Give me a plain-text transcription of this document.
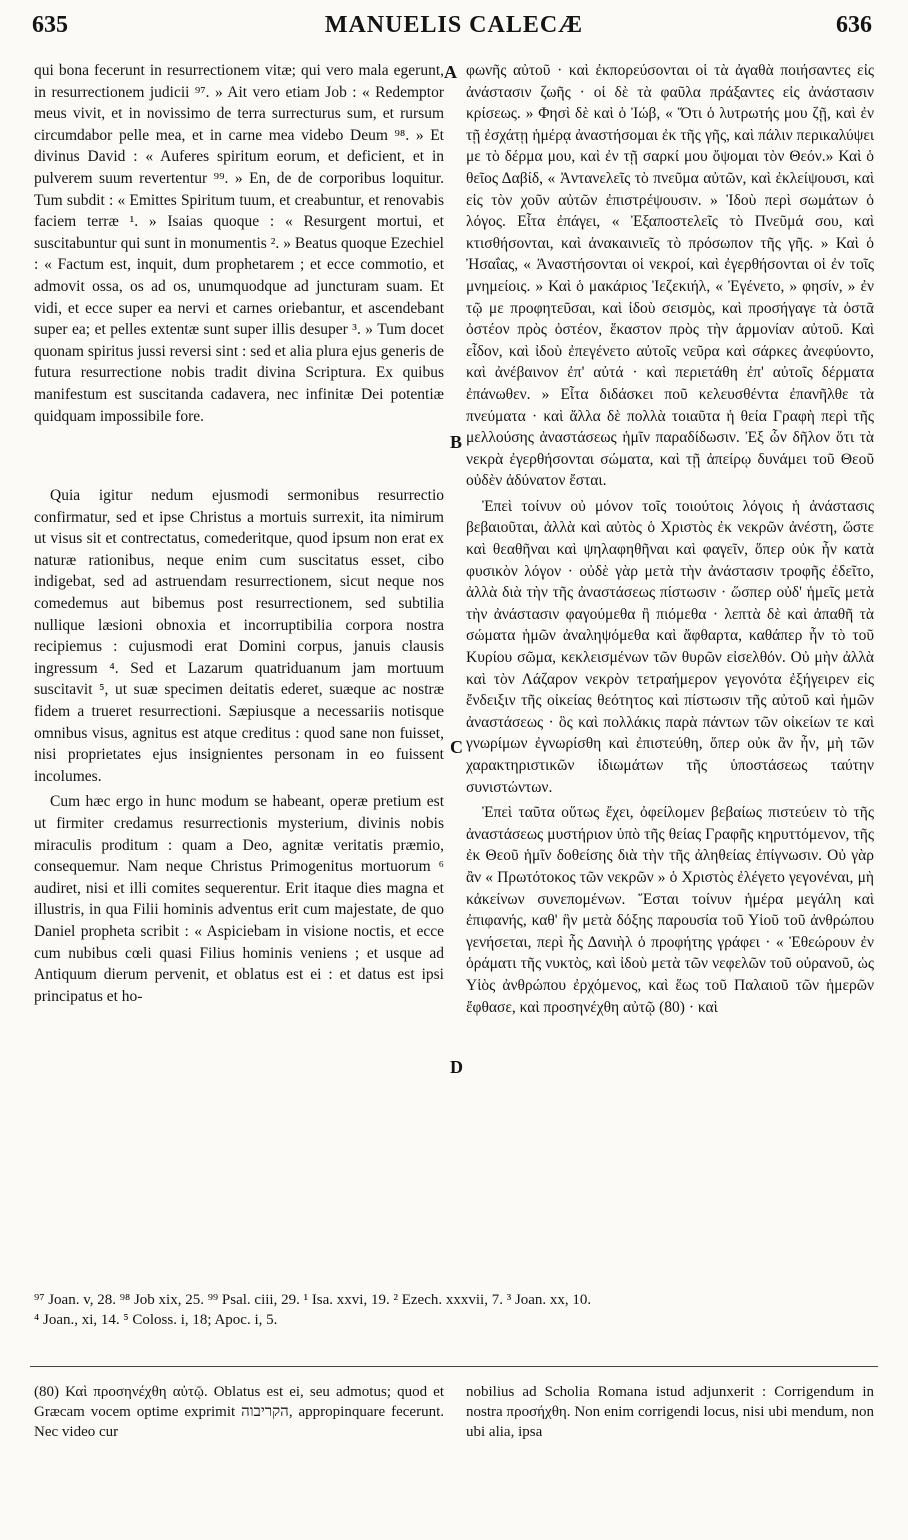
635	MANUELIS CALECÆ	636

qui bona fecerunt in resurrectionem vitæ; qui vero mala egerunt, in resurrectionem judicii ⁹⁷. » Ait vero etiam Job : « Redemptor meus vivit, et in novissimo de terra surrecturus sum, et rursum circumdabor pelle mea, et in carne mea videbo Deum ⁹⁸. » Et divinus David : « Auferes spiritum eorum, et deficient, et in pulverem suum revertentur ⁹⁹. » En, de de corporibus loquitur. Tum subdit : « Emittes Spiritum tuum, et creabuntur, et renovabis faciem terræ ¹. » Isaias quoque : « Resurgent mortui, et suscitabuntur qui sunt in monumentis ². » Beatus quoque Ezechiel : « Factum est, inquit, dum prophetarem ; et ecce commotio, et admovit ossa, os ad os, unumquodque ad juncturam suam. Et vidi, et ecce super ea nervi et carnes oriebantur, et ascendebant super ea; et pelles extentæ sunt super illis desuper ³. » Tum docet quonam spiritus jussi reversi sint : sed et alia plura ejus generis de futura resurrectione nobis tradit divina Scriptura. Ex quibus manifestum est suscitanda cadavera, nec infinitæ Dei potentiæ quidquam impossibile fore.

Quia igitur nedum ejusmodi sermonibus resurrectio confirmatur, sed et ipse Christus a mortuis surrexit, ita nimirum ut visus sit et contrectatus, comederitque, quod ipsum non erat ex naturæ rationibus, neque enim cum suscitatus esset, cibo indigebat, sed ad astruendam resurrectionem, sicut neque nos comedemus aut bibemus post resurrectionem, sed subtilia nullique læsioni obnoxia et incorruptibilia corpora nostra recipiemus : cujusmodi erat Domini corpus, januis clausis ingressum ⁴. Sed et Lazarum quatriduanum jam mortuum suscitavit ⁵, ut suæ specimen deitatis ederet, suæque ac nostræ fidem a trueret resurrectioni. Sæpiusque a necessariis notisque omnibus visus, agnitus est atque creditus : quod sane non fuisset, nisi proprietates ejus insignientes personam in eo fuissent incolumes.

Cum hæc ergo in hunc modum se habeant, operæ pretium est ut firmiter credamus resurrectionis mysterium, divinis nobis miraculis proditum : quam a Deo, agnitæ veritatis præmio, consequemur. Nam neque Christus Primogenitus mortuorum ⁶ audiret, nisi et illi comites sequerentur. Erit itaque dies magna et illustris, in qua Filii hominis adventus erit cum majestate, de quo Daniel propheta scribit : « Aspiciebam in visione noctis, et ecce cum nubibus cœli quasi Filius hominis veniens ; et usque ad Antiquum dierum pervenit, et oblatus est ei : et datus est ipsi principatus et ho-

A
B
C
D

φωνῆς αὐτοῦ · καὶ ἐκπορεύσονται οἱ τὰ ἀγαθὰ ποιήσαντες εἰς ἀνάστασιν ζωῆς · οἱ δὲ τὰ φαῦλα πράξαντες εἰς ἀνάστασιν κρίσεως. » Φησὶ δὲ καὶ ὁ Ἰώβ, « Ὅτι ὁ λυτρωτής μου ζῇ, καὶ ἐν τῇ ἐσχάτῃ ἡμέρᾳ ἀναστήσομαι ἐκ τῆς γῆς, καὶ πάλιν περικαλύψει με τὸ δέρμα μου, καὶ ἐν τῇ σαρκί μου ὄψομαι τὸν Θεόν.» Καὶ ὁ θεῖος Δαβίδ, « Ἀντανελεῖς τὸ πνεῦμα αὐτῶν, καὶ ἐκλείψουσι, καὶ εἰς τὸν χοῦν αὐτῶν ἐπιστρέψουσιν. » Ἰδοὺ περὶ σωμάτων ὁ λόγος. Εἶτα ἐπάγει, « Ἐξαποστελεῖς τὸ Πνεῦμά σου, καὶ κτισθήσονται, καὶ ἀνακαινιεῖς τὸ πρόσωπον τῆς γῆς. » Καὶ ὁ Ἠσαΐας, « Ἀναστήσονται οἱ νεκροί, καὶ ἐγερθήσονται οἱ ἐν τοῖς μνημείοις. » Καὶ ὁ μακάριος Ἰεζεκιήλ, « Ἐγένετο, » φησίν, » ἐν τῷ με προφητεῦσαι, καὶ ἰδοὺ σεισμὸς, καὶ προσήγαγε τὰ ὀστᾶ ὀστέον πρὸς ὀστέον, ἕκαστον πρὸς τὴν ἁρμονίαν αὐτοῦ. Καὶ εἶδον, καὶ ἰδοὺ ἐπεγένετο αὐτοῖς νεῦρα καὶ σάρκες ἀνεφύοντο, καὶ ἀνέβαινον ἐπ' αὐτά · καὶ περιετάθη ἐπ' αὐτοῖς δέρματα ἐπάνωθεν. » Εἶτα διδάσκει ποῦ κελευσθέντα ἐπανῆλθε τὰ πνεύματα · καὶ ἄλλα δὲ πολλὰ τοιαῦτα ἡ θεία Γραφὴ περὶ τῆς μελλούσης ἀναστάσεως ἡμῖν παραδίδωσιν. Ἐξ ὧν δῆλον ὅτι τὰ νεκρὰ ἐγερθήσονται σώματα, καὶ τῇ ἀπείρῳ δυνάμει τοῦ Θεοῦ οὐδὲν ἀδύνατον ἔσται.

Ἐπεὶ τοίνυν οὐ μόνον τοῖς τοιούτοις λόγοις ἡ ἀνάστασις βεβαιοῦται, ἀλλὰ καὶ αὐτὸς ὁ Χριστὸς ἐκ νεκρῶν ἀνέστη, ὥστε καὶ θεαθῆναι καὶ ψηλαφηθῆναι καὶ φαγεῖν, ὅπερ οὐκ ἦν κατὰ φυσικὸν λόγον · οὐδὲ γὰρ μετὰ τὴν ἀνάστασιν τροφῆς ἐδεῖτο, ἀλλὰ διὰ τὴν τῆς ἀναστάσεως πίστωσιν · ὥσπερ οὐδ' ἡμεῖς μετὰ τὴν ἀνάστασιν φαγούμεθα ἢ πιόμεθα · λεπτὰ δὲ καὶ ἀπαθῆ τὰ σώματα ἡμῶν ἀναληψόμεθα καὶ ἄφθαρτα, καθάπερ ἦν τὸ τοῦ Κυρίου σῶμα, κεκλεισμένων τῶν θυρῶν εἰσελθόν. Οὐ μὴν ἀλλὰ καὶ τὸν Λάζαρον νεκρὸν τετραήμερον γεγονότα ἐξήγειρεν εἰς ἔνδειξιν τῆς οἰκείας θεότητος καὶ πίστωσιν τῆς αὐτοῦ καὶ ἡμῶν ἀναστάσεως · ὃς καὶ πολλάκις παρὰ πάντων τῶν οἰκείων τε καὶ γνωρίμων ἐγνωρίσθη καὶ ἐπιστεύθη, ὅπερ οὐκ ἂν ἦν, μὴ τῶν χαρακτηριστικῶν ἰδιωμάτων τῆς ὑποστάσεως ταύτην συνιστώντων.

Ἐπεὶ ταῦτα οὕτως ἔχει, ὀφείλομεν βεβαίως πιστεύειν τὸ τῆς ἀναστάσεως μυστήριον ὑπὸ τῆς θείας Γραφῆς κηρυττόμενον, τῆς ἐκ Θεοῦ ἡμῖν δοθείσης διὰ τὴν τῆς ἀληθείας ἐπίγνωσιν. Οὐ γὰρ ἂν « Πρωτότοκος τῶν νεκρῶν » ὁ Χριστὸς ἐλέγετο γεγονέναι, μὴ κἀκείνων συνεπομένων. Ἔσται τοίνυν ἡμέρα μεγάλη καὶ ἐπιφανής, καθ' ἣν μετὰ δόξης παρουσία τοῦ Υἱοῦ τοῦ ἀνθρώπου γενήσεται, περὶ ἧς Δανιὴλ ὁ προφήτης γράφει · « Ἐθεώρουν ἐν ὁράματι τῆς νυκτὸς, καὶ ἰδοὺ μετὰ τῶν νεφελῶν τοῦ οὐρανοῦ, ὡς Υἱὸς ἀνθρώπου ἐρχόμενος, καὶ ἕως τοῦ Παλαιοῦ τῶν ἡμερῶν ἔφθασε, καὶ προσηνέχθη αὐτῷ (80) · καὶ

⁹⁷ Joan. v, 28. ⁹⁸ Job xix, 25. ⁹⁹ Psal. ciii, 29. ¹ Isa. xxvi, 19. ² Ezech. xxxvii, 7. ³ Joan. xx, 10.
⁴ Joan., xi, 14. ⁵ Coloss. i, 18; Apoc. i, 5.
(80) Καὶ προσηνέχθη αὐτῷ. Oblatus est ei, seu admotus; quod et Græcam vocem optime exprimit הקריבוה, appropinquare fecerunt. Nec video cur
nobilius ad Scholia Romana istud adjunxerit : Corrigendum in nostra προσήχθη. Non enim corrigendi locus, nisi ubi mendum, non ubi alia, ipsa
